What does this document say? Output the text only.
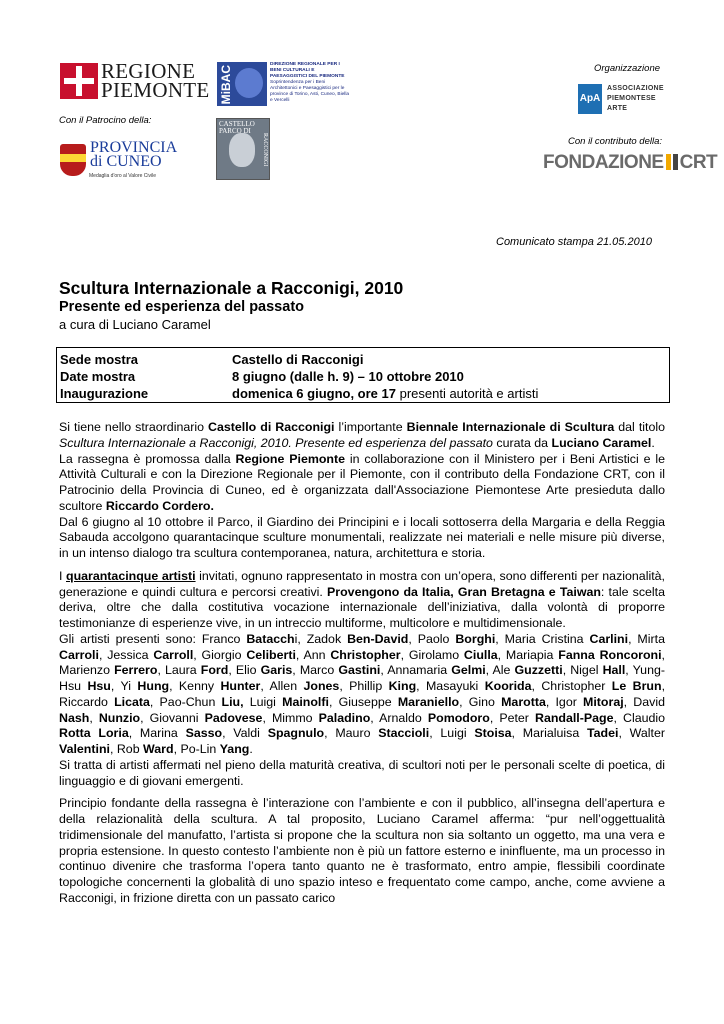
REGIONE
PIEMONTE MiBAC
DIREZIONE REGIONALE PER I BENI CULTURALI E PAESAGGISTICI DEL PIEMONTE
Soprintendenza per i Beni Architettonici e Paesaggistici per le province di Torino, Asti, Cuneo, Biella e Vercelli
Con il Patrocino della:
PROVINCIA
di CUNEO
Medaglia d'oro al Valore Civile
CASTELLO
PARCO DI
RACCONIGI
Organizzazione
ApA
ASSOCIAZIONE
PIEMONTESE
ARTE
Con il contributo della:
FONDAZIONE CRT
Comunicato stampa 21.05.2010
Scultura Internazionale a Racconigi, 2010
Presente ed esperienza del passato
a cura di Luciano Caramel
Sede mostra	Castello di Racconigi
Date mostra	8 giugno (dalle h. 9) – 10 ottobre 2010
Inaugurazione	domenica 6 giugno, ore 17 presenti autorità e artisti

Si tiene nello straordinario Castello di Racconigi l’importante Biennale Internazionale di Scultura dal titolo Scultura Internazionale a Racconigi, 2010. Presente ed esperienza del passato curata da Luciano Caramel.
La rassegna è promossa dalla Regione Piemonte in collaborazione con il Ministero per i Beni Artistici e le Attività Culturali e con la Direzione Regionale per il Piemonte, con il contributo della Fondazione CRT, con il Patrocinio della Provincia di Cuneo, ed è organizzata dall'Associazione Piemontese Arte presieduta dallo scultore Riccardo Cordero.
Dal 6 giugno al 10 ottobre il Parco, il Giardino dei Principini e i locali sottoserra della Margaria e della Reggia Sabauda accolgono quarantacinque sculture monumentali, realizzate nei materiali e nelle misure più diverse, in un intenso dialogo tra scultura contemporanea, natura, architettura e storia.

I quarantacinque artisti invitati, ognuno rappresentato in mostra con un’opera, sono differenti per nazionalità, generazione e quindi cultura e percorsi creativi. Provengono da Italia, Gran Bretagna e Taiwan: tale scelta deriva, oltre che dalla costitutiva vocazione internazionale dell’iniziativa, dalla volontà di proporre testimonianze di esperienze vive, in un intreccio multiforme, multicolore e multidimensionale.
Gli artisti presenti sono: Franco Batacchi, Zadok Ben-David, Paolo Borghi, Maria Cristina Carlini, Mirta Carroli, Jessica Carroll, Giorgio Celiberti, Ann Christopher, Girolamo Ciulla, Mariapia Fanna Roncoroni, Marienzo Ferrero, Laura Ford, Elio Garis, Marco Gastini, Annamaria Gelmi, Ale Guzzetti, Nigel Hall, Yung-Hsu Hsu, Yi Hung, Kenny Hunter, Allen Jones, Phillip King, Masayuki Koorida, Christopher Le Brun, Riccardo Licata, Pao-Chun Liu, Luigi Mainolfi, Giuseppe Maraniello, Gino Marotta, Igor Mitoraj, David Nash, Nunzio, Giovanni Padovese, Mimmo Paladino, Arnaldo Pomodoro, Peter Randall-Page, Claudio Rotta Loria, Marina Sasso, Valdi Spagnulo, Mauro Staccioli, Luigi Stoisa, Marialuisa Tadei, Walter Valentini, Rob Ward, Po-Lin Yang.
Si tratta di artisti affermati nel pieno della maturità creativa, di scultori noti per le personali scelte di poetica, di linguaggio e di giovani emergenti.

Principio fondante della rassegna è l’interazione con l’ambiente e con il pubblico, all’insegna dell’apertura e della relazionalità della scultura. A tal proposito, Luciano Caramel afferma: “pur nell’oggettualità tridimensionale del manufatto, l’artista si propone che la scultura non sia soltanto un oggetto, ma una vera e propria estensione. In questo contesto l’ambiente non è più un fattore esterno e ininfluente, ma un processo in continuo divenire che trasforma l’opera tanto quanto ne è trasformato, entro ampie, flessibili coordinate topologiche concernenti la globalità di uno spazio inteso e frequentato come campo, anche, come avviene a Racconigi, in frizione diretta con un passato carico
